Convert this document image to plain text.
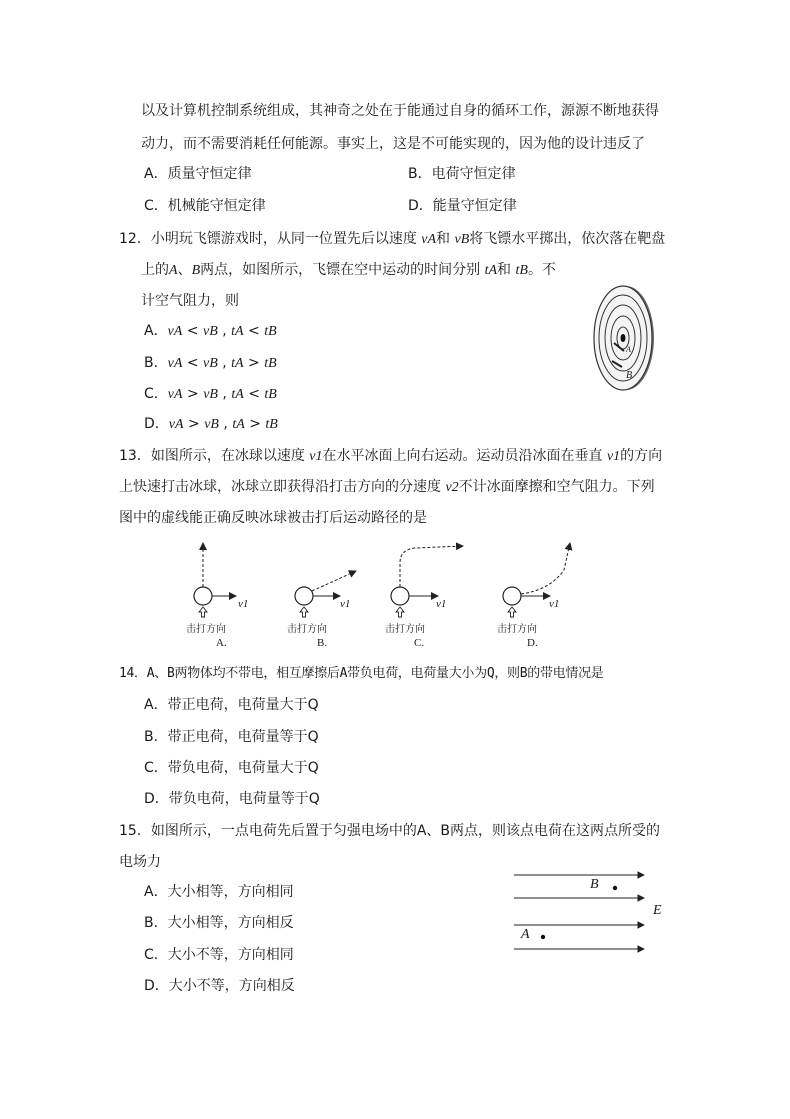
以及计算机控制系统组成，其神奇之处在于能通过自身的循环工作，源源不断地获得
动力，而不需要消耗任何能源。事实上，这是不可能实现的，因为他的设计违反了
A．质量守恒定律	B．电荷守恒定律
C．机械能守恒定律	D．能量守恒定律
12．小明玩飞镖游戏时，从同一位置先后以速度 vA和 vB将飞镖水平掷出，依次落在靶盘
上的A、B两点，如图所示，飞镖在空中运动的时间分别 tA和 tB。不
计空气阻力，则
A．vA < vB , tA < tB
B．vA < vB , tA > tB
C．vA > vB , tA < tB
D．vA > vB , tA > tB
A
B
13．如图所示，在冰球以速度 v1在水平冰面上向右运动。运动员沿冰面在垂直 v1的方向
上快速打击冰球，冰球立即获得沿打击方向的分速度 v2不计冰面摩擦和空气阻力。下列
图中的虚线能正确反映冰球被击打后运动路径的是
v1
击打方向
A.
v1
击打方向
B.
v1
击打方向
C.
v1
击打方向
D.
14．A、B两物体均不带电，相互摩擦后A带负电荷，电荷量大小为Q，则B的带电情况是
A．带正电荷，电荷量大于Q
B．带正电荷，电荷量等于Q
C．带负电荷，电荷量大于Q
D．带负电荷，电荷量等于Q
15．如图所示，一点电荷先后置于匀强电场中的A、B两点，则该点电荷在这两点所受的
电场力
A．大小相等，方向相同
B．大小相等，方向相反
C．大小不等，方向相同
D．大小不等，方向相反
B
A
E
